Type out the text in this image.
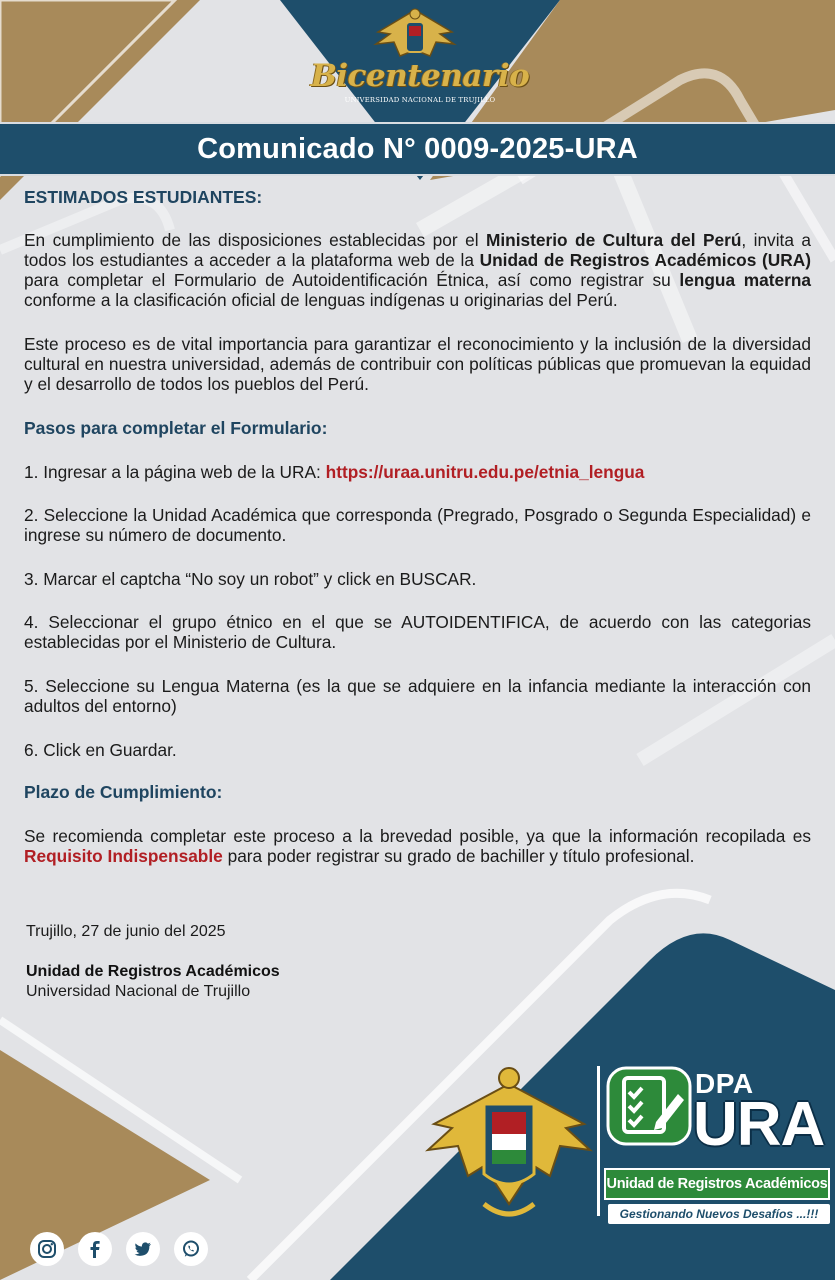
Bicentenario
UNIVERSIDAD NACIONAL DE TRUJILLO
Comunicado N° 0009-2025-URA

ESTIMADOS ESTUDIANTES:

En cumplimiento de las disposiciones establecidas por el Ministerio de Cultura del Perú, invita a todos los estudiantes a acceder a la plataforma web de la Unidad de Registros Académicos (URA) para completar el Formulario de Autoidentificación Étnica, así como registrar su lengua materna conforme a la clasificación oficial de lenguas indígenas u originarias del Perú.

Este proceso es de vital importancia para garantizar el reconocimiento y la inclusión de la diversidad cultural en nuestra universidad, además de contribuir con políticas públicas que promuevan la equidad y el desarrollo de todos los pueblos del Perú.

Pasos para completar el Formulario:

1. Ingresar a la página web de la URA: https://uraa.unitru.edu.pe/etnia_lengua

2. Seleccione la Unidad Académica que corresponda (Pregrado, Posgrado o Segunda Especialidad) e ingrese su número de documento.

3. Marcar el captcha “No soy un robot” y click en BUSCAR.

4. Seleccionar el grupo étnico en el que se AUTOIDENTIFICA, de acuerdo con las categorias establecidas por el Ministerio de Cultura.

5. Seleccione su Lengua Materna (es la que se adquiere en la infancia mediante la interacción con adultos del entorno)

6. Click en Guardar.

Plazo de Cumplimiento:

Se recomienda completar este proceso a la brevedad posible, ya que la información recopilada es Requisito Indispensable para poder registrar su grado de bachiller y título profesional.

Trujillo, 27 de junio del 2025
Unidad de Registros Académicos
Universidad Nacional de Trujillo
DPA
URA
Unidad de Registros Académicos
Gestionando Nuevos Desafíos ...!!!
